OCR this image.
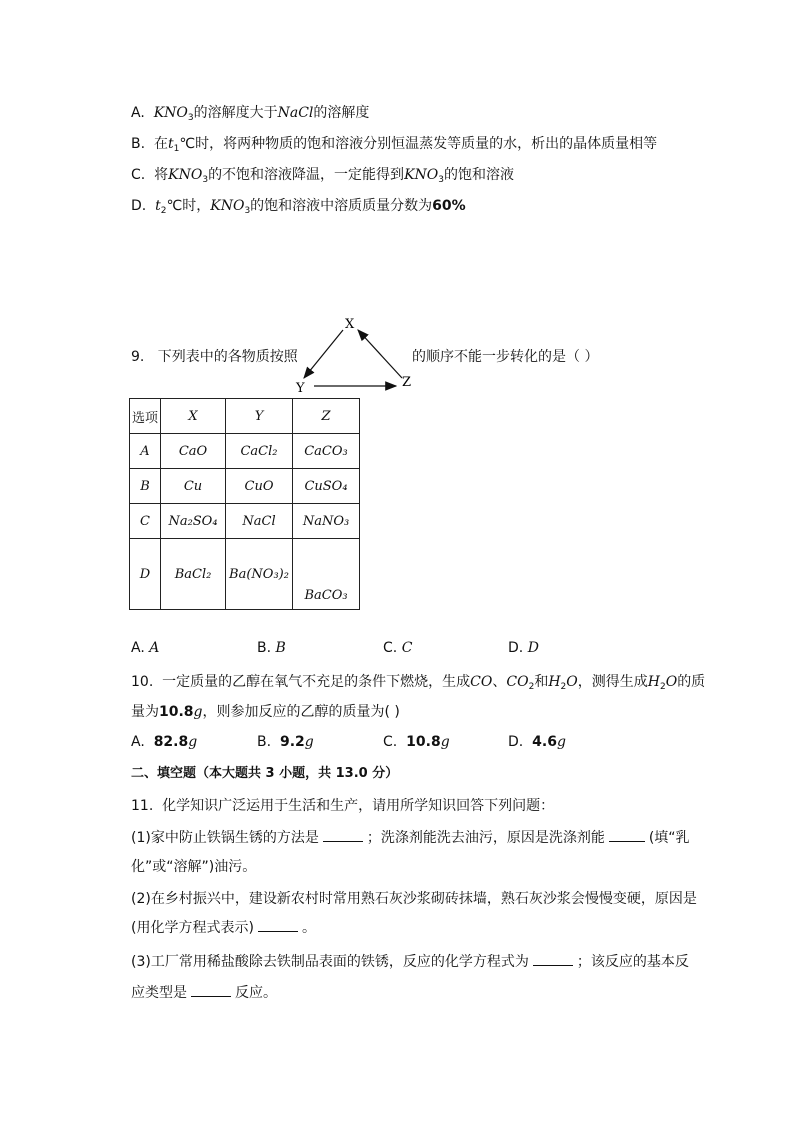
A. $KNO_3$的溶解度大于NaCl的溶解度
B. 在$t_1℃$时，将两种物质的饱和溶液分别恒温蒸发等质量的水，析出的晶体质量相等
C. 将$KNO_3$的不饱和溶液降温，一定能得到$KNO_3$的饱和溶液
D. $t_2℃$时，$KNO_3$的饱和溶液中溶质质量分数为60%
9. 下列表中的各物质按照	的顺序不能一步转化的是（ ）
X
Y	Z
选项	X	Y	Z
A	CaO	CaCl₂	CaCO₃
B	Cu	CuO	CuSO₄
C	Na₂SO₄	NaCl	NaNO₃
D	BaCl₂	Ba(NO₃)₂	BaCO₃
A. A	B. B	C. C	D. D
10. 一定质量的乙醇在氧气不充足的条件下燃烧，生成CO、$CO_2$和$H_2O$，测得生成$H_2O$的质
量为10.8g，则参加反应的乙醇的质量为( )
A. 82.8g	B. 9.2g	C. 10.8g	D. 4.6g
二、填空题（本大题共 3 小题，共 13.0 分）
11. 化学知识广泛运用于生活和生产，请用所学知识回答下列问题：
(1)家中防止铁锅生锈的方法是	；洗涤剂能洗去油污，原因是洗涤剂能	(填“乳
化”或“溶解”)油污。
(2)在乡村振兴中，建设新农村时常用熟石灰沙浆砌砖抹墙，熟石灰沙浆会慢慢变硬，原因是
(用化学方程式表示)	。
(3)工厂常用稀盐酸除去铁制品表面的铁锈，反应的化学方程式为	；该反应的基本反
应类型是	反应。
